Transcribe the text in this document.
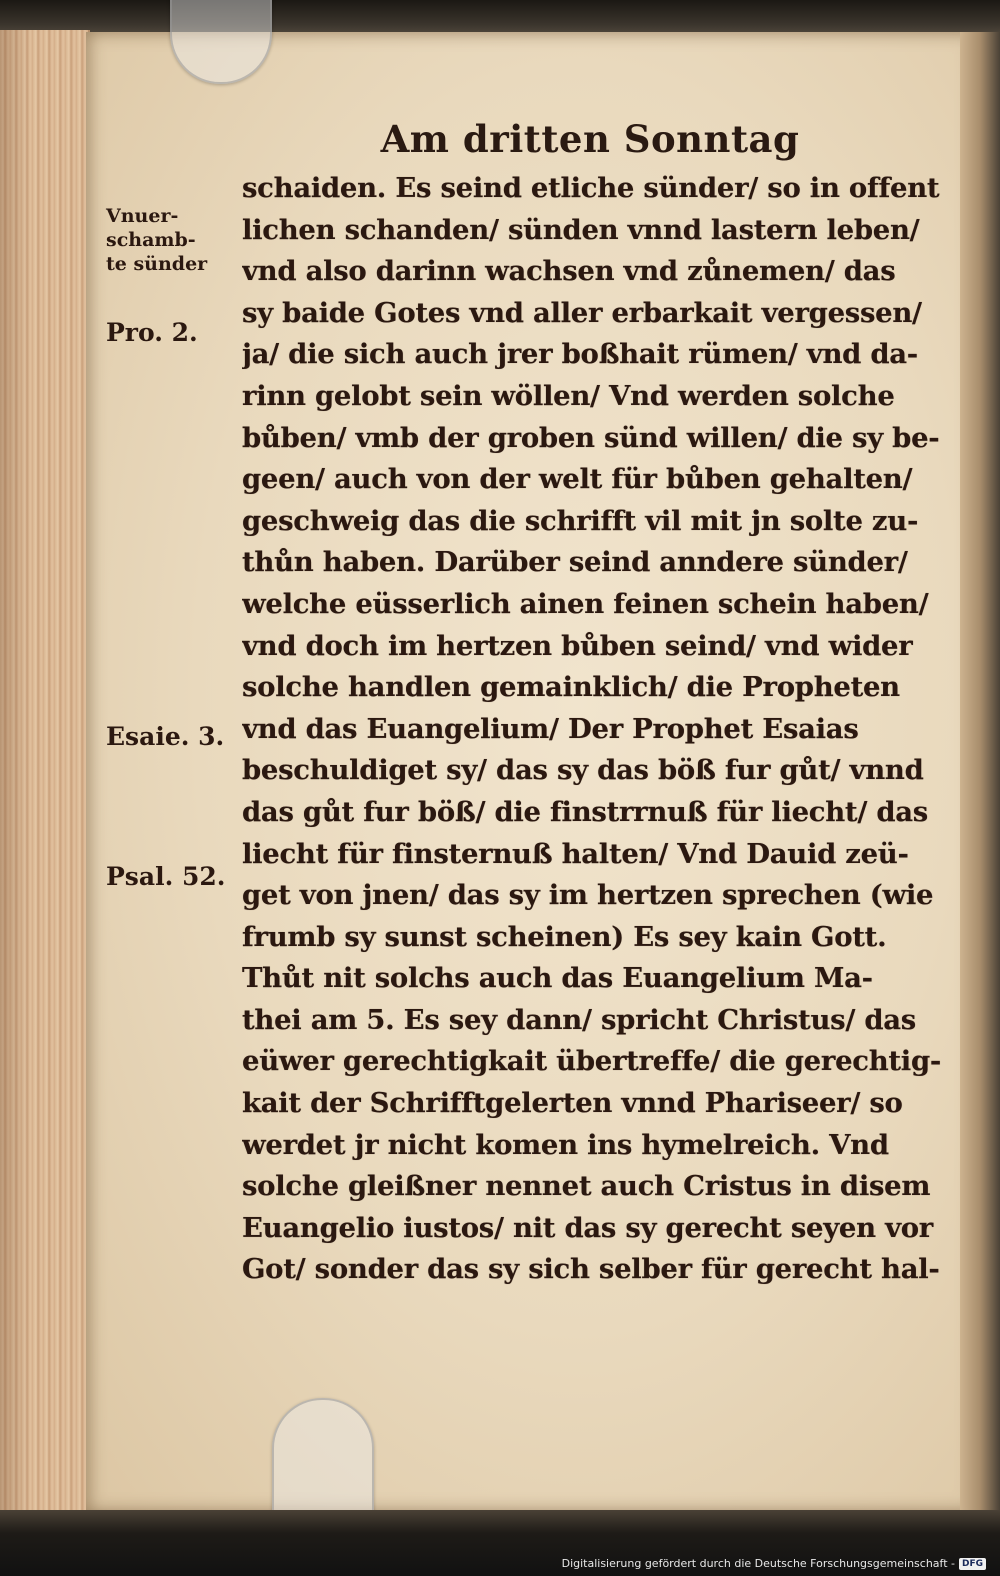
Am dritten Sonntag
Vnuer-
schamb-
te sünder
Pro. 2.
Esaie. 3.
Psal. 52.
schaiden. Es seind etliche sünder/ so in offent
lichen schanden/ sünden vnnd lastern leben/
vnd also darinn wachsen vnd zůnemen/ das
sy baide Gotes vnd aller erbarkait vergessen/
ja/ die sich auch jrer boßhait rümen/ vnd da-
rinn gelobt sein wöllen/ Vnd werden solche
bůben/ vmb der groben sünd willen/ die sy be-
geen/ auch von der welt für bůben gehalten/
geschweig das die schrifft vil mit jn solte zu-
thůn haben. Darüber seind anndere sünder/
welche eüsserlich ainen feinen schein haben/
vnd doch im hertzen bůben seind/ vnd wider
solche handlen gemainklich/ die Propheten
vnd das Euangelium/ Der Prophet Esaias
beschuldiget sy/ das sy das böß fur gůt/ vnnd
das gůt fur böß/ die finstrrnuß für liecht/ das
liecht für finsternuß halten/ Vnd Dauid zeü-
get von jnen/ das sy im hertzen sprechen (wie
frumb sy sunst scheinen) Es sey kain Gott.
Thůt nit solchs auch das Euangelium Ma-
thei am 5. Es sey dann/ spricht Christus/ das
eüwer gerechtigkait übertreffe/ die gerechtig-
kait der Schrifftgelerten vnnd Phariseer/ so
werdet jr nicht komen ins hymelreich. Vnd
solche gleißner nennet auch Cristus in disem
Euangelio iustos/ nit das sy gerecht seyen vor
Got/ sonder das sy sich selber für gerecht hal-
Digitalisierung gefördert durch die Deutsche Forschungsgemeinschaft - DFG
